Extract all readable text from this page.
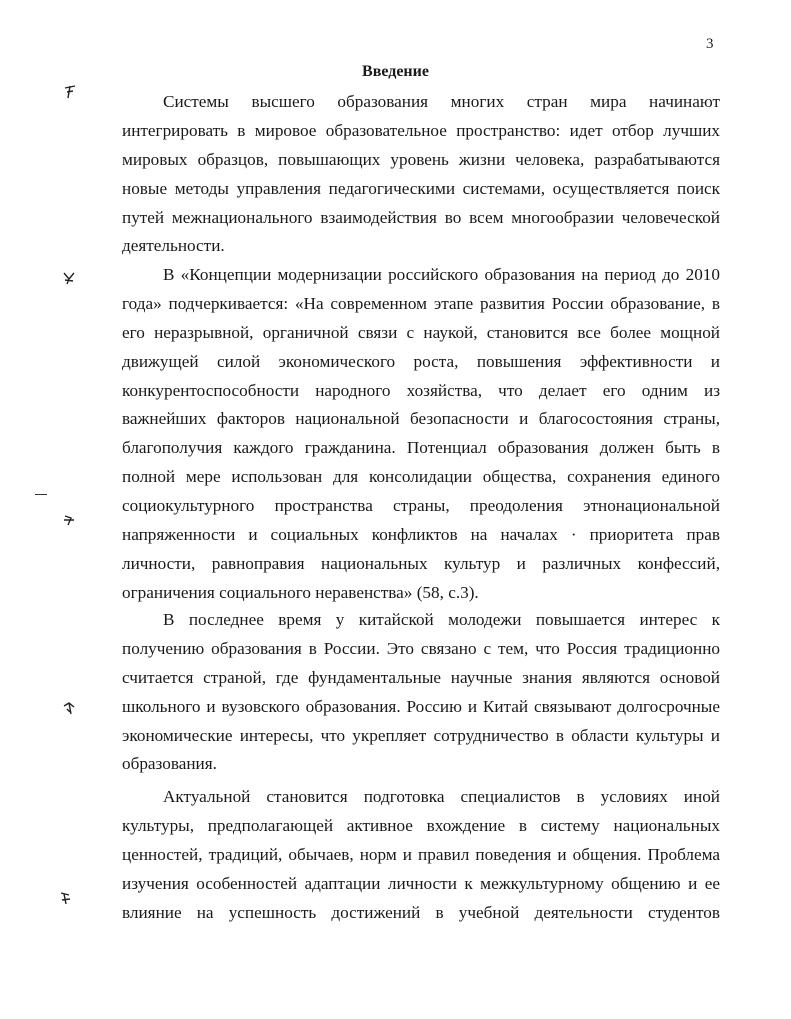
3
Введение
Системы высшего образования многих стран мира начинают
интегрировать в мировое образовательное пространство: идет отбор лучших
мировых образцов, повышающих уровень жизни человека, разрабатываются
новые методы управления педагогическими системами, осуществляется поиск
путей межнационального взаимодействия во всем многообразии человеческой
деятельности.
В «Концепции модернизации российского образования на период до 2010
года» подчеркивается: «На современном этапе развития России образование, в
его неразрывной, органичной связи с наукой, становится все более мощной
движущей силой экономического роста, повышения эффективности и
конкурентоспособности народного хозяйства, что делает его одним из
важнейших факторов национальной безопасности и благосостояния страны,
благополучия каждого гражданина. Потенциал образования должен быть в
полной мере использован для консолидации общества, сохранения единого
социокультурного пространства страны, преодоления этнонациональной
напряженности и социальных конфликтов на началах · приоритета прав
личности, равноправия национальных культур и различных конфессий,
ограничения социального неравенства» (58, с.3).
В последнее время у китайской молодежи повышается интерес к
получению образования в России. Это связано с тем, что Россия традиционно
считается страной, где фундаментальные научные знания являются основой
школьного и вузовского образования. Россию и Китай связывают долгосрочные
экономические интересы, что укрепляет сотрудничество в области культуры и
образования.
Актуальной становится подготовка специалистов в условиях иной
культуры, предполагающей активное вхождение в систему национальных
ценностей, традиций, обычаев, норм и правил поведения и общения. Проблема
изучения особенностей адаптации личности к межкультурному общению и ее
влияние на успешность достижений в учебной деятельности студентов
